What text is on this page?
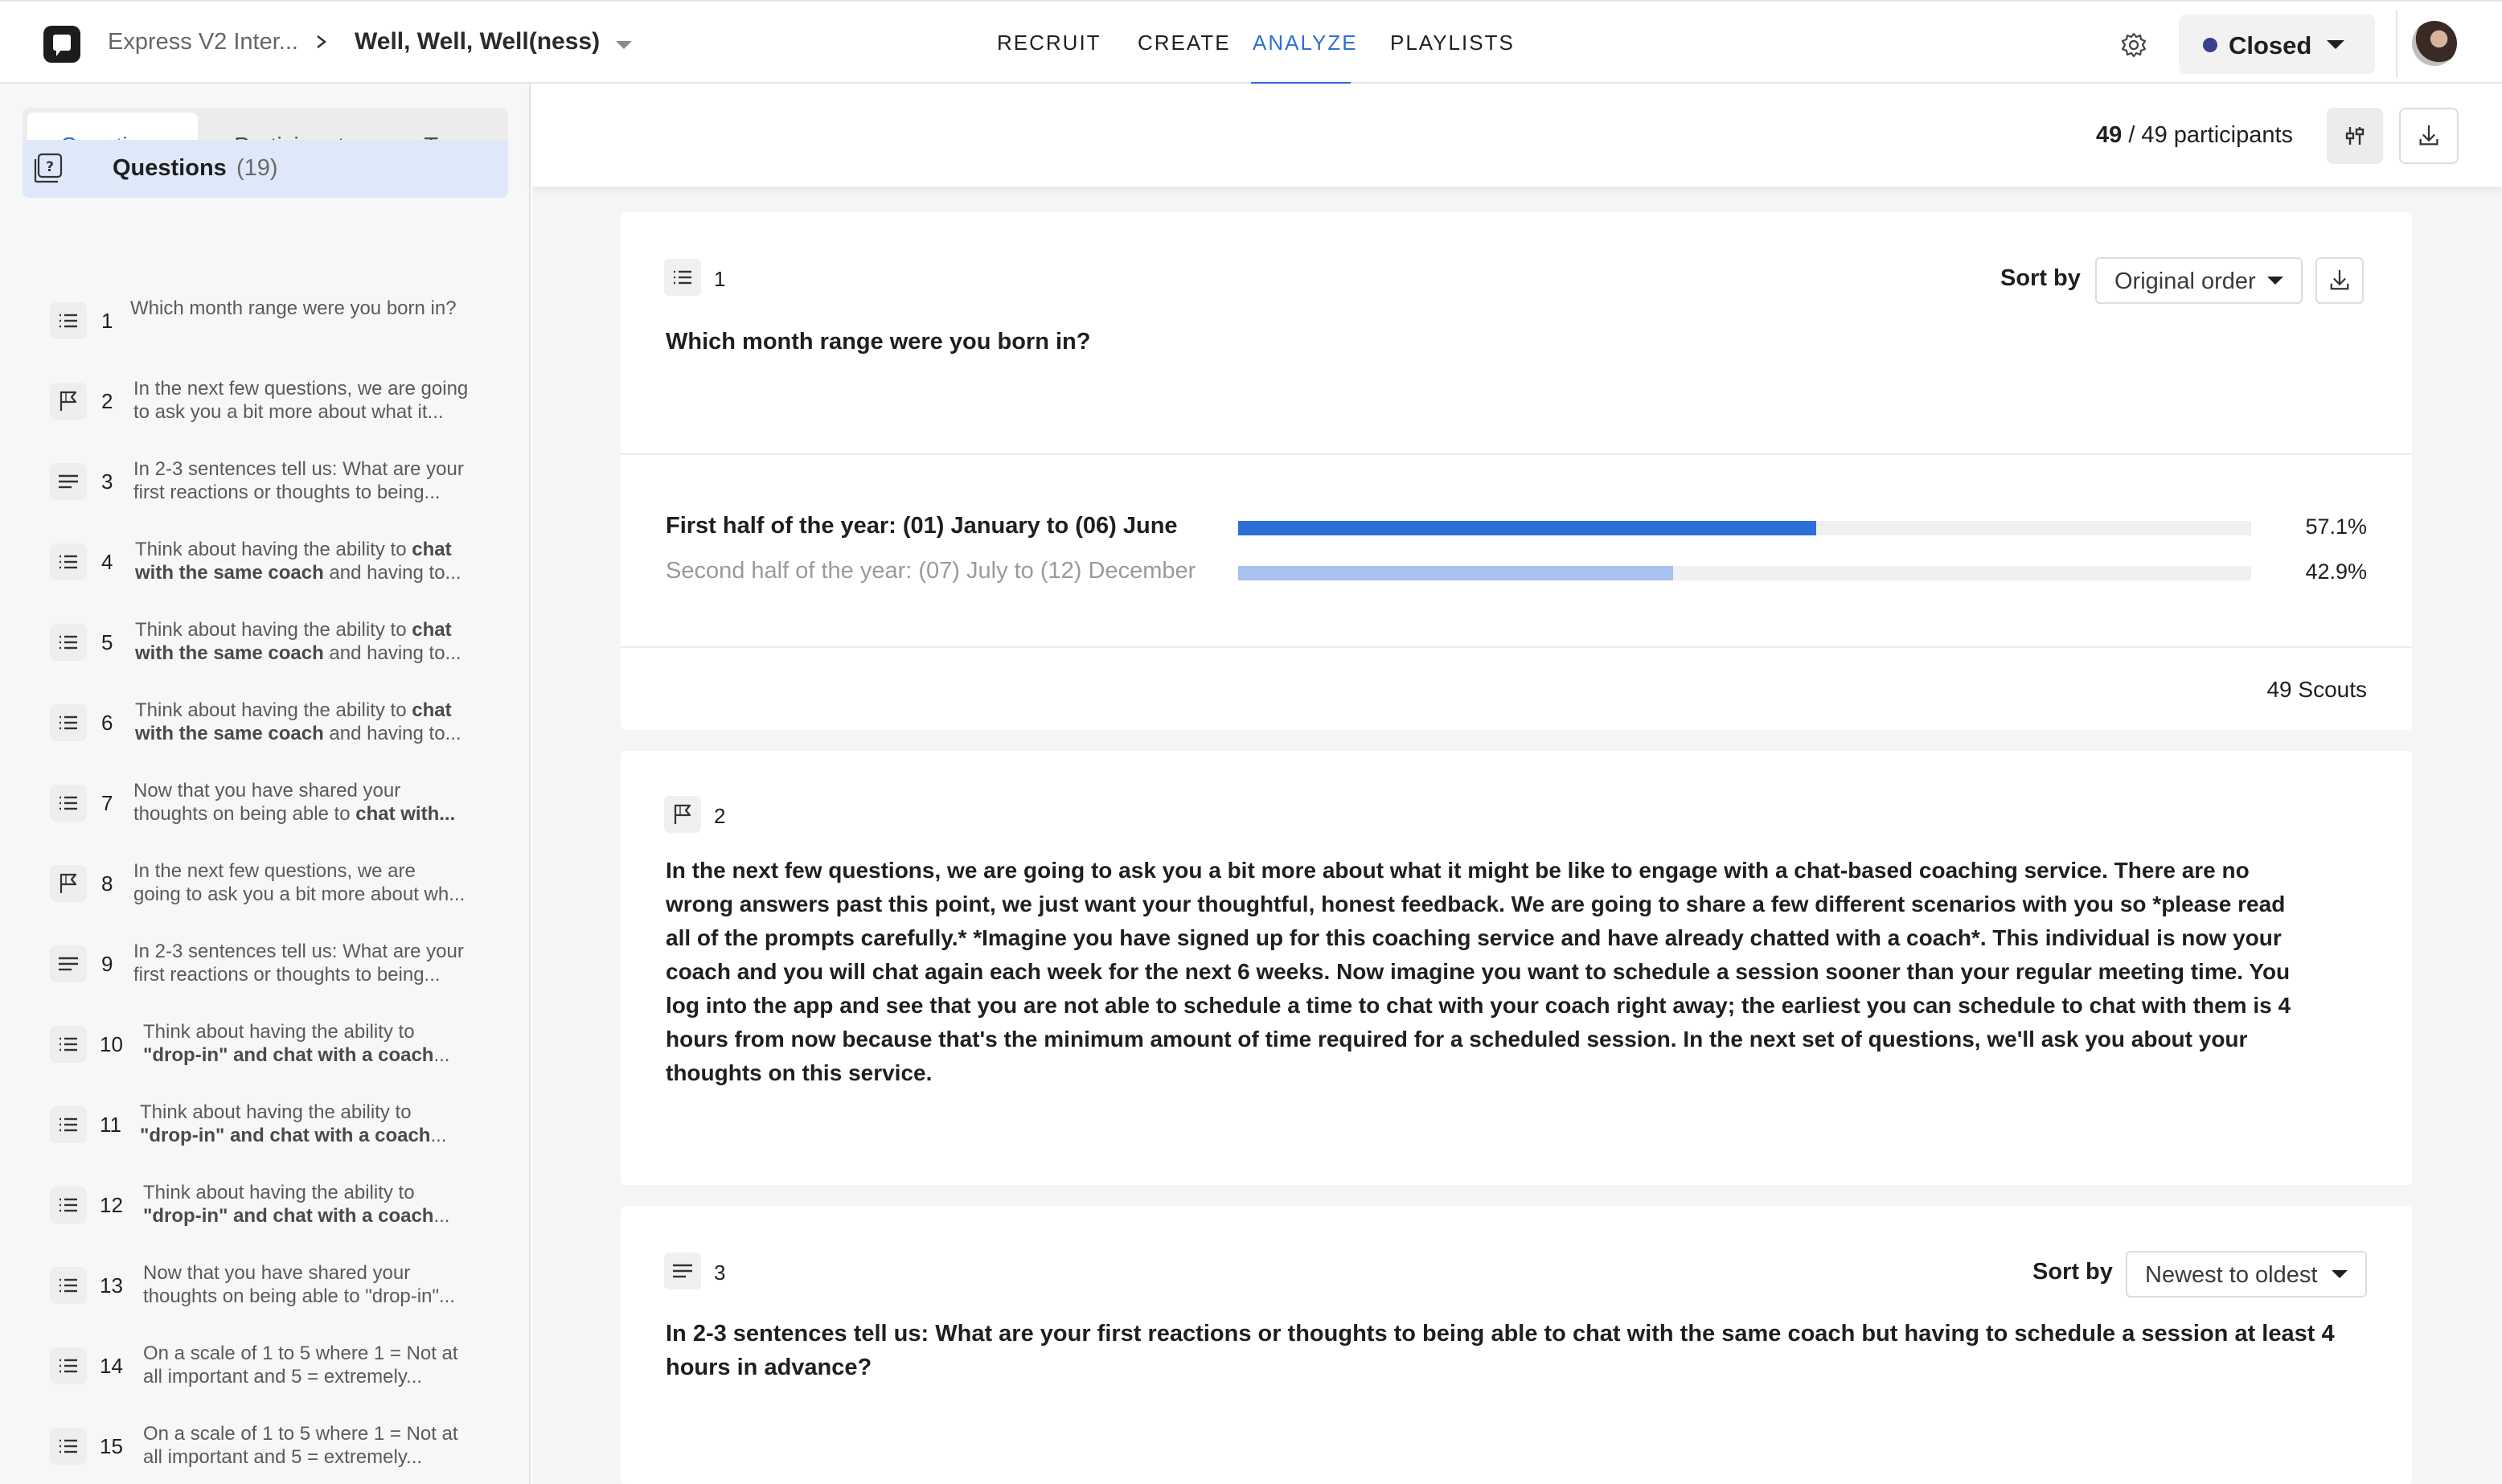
Express V2 Inter... Well, Well, Well(ness)	RECRUIT CREATE ANALYZE PLAYLISTS	Closed
?	Questions (19)
1
Which month range were you born in?
2
In the next few questions, we are going
to ask you a bit more about what it...
3
In 2-3 sentences tell us: What are your
first reactions or thoughts to being...
4
Think about having the ability to chat
with the same coach and having to...
5
Think about having the ability to chat
with the same coach and having to...
6
Think about having the ability to chat
with the same coach and having to...
7
Now that you have shared your
thoughts on being able to chat with...
8
In the next few questions, we are
going to ask you a bit more about wh...
9
In 2-3 sentences tell us: What are your
first reactions or thoughts to being...
10
Think about having the ability to
"drop-in" and chat with a coach...
11
Think about having the ability to
"drop-in" and chat with a coach...
12
Think about having the ability to
"drop-in" and chat with a coach...
13
Now that you have shared your
thoughts on being able to "drop-in"...
14
On a scale of 1 to 5 where 1 = Not at
all important and 5 = extremely...
15
On a scale of 1 to 5 where 1 = Not at
all important and 5 = extremely...
49 / 49 participants
1	Sort by Original order
Which month range were you born in?
First half of the year: (01) January to (06) June	57.1%
Second half of the year: (07) July to (12) December	42.9%
49 Scouts
2
In the next few questions, we are going to ask you a bit more about what it might be like to engage with a chat-based coaching service. There are no
wrong answers past this point, we just want your thoughtful, honest feedback. We are going to share a few different scenarios with you so *please read
all of the prompts carefully.* *Imagine you have signed up for this coaching service and have already chatted with a coach*. This individual is now your
coach and you will chat again each week for the next 6 weeks. Now imagine you want to schedule a session sooner than your regular meeting time. You
log into the app and see that you are not able to schedule a time to chat with your coach right away; the earliest you can schedule to chat with them is 4
hours from now because that's the minimum amount of time required for a scheduled session. In the next set of questions, we'll ask you about your
thoughts on this service.
3	Sort by Newest to oldest
In 2-3 sentences tell us: What are your first reactions or thoughts to being able to chat with the same coach but having to schedule a session at least 4
hours in advance?
